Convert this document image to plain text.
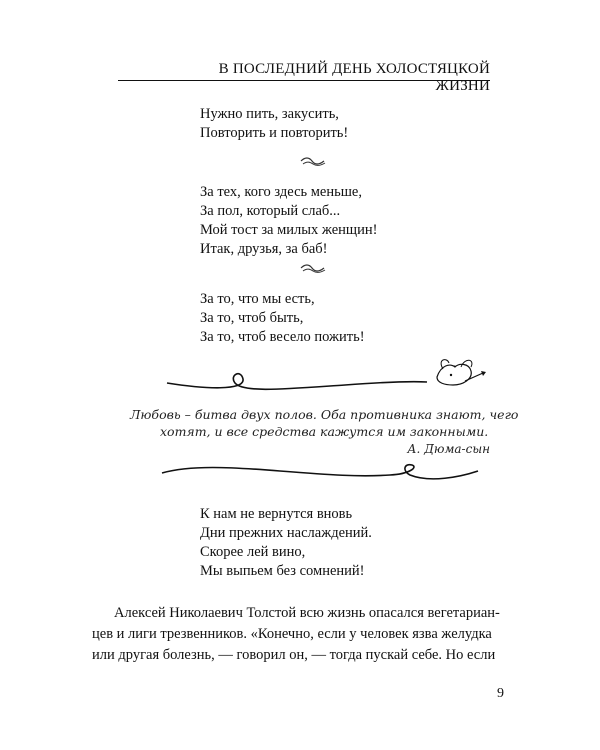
В ПОСЛЕДНИЙ ДЕНЬ ХОЛОСТЯЦКОЙ ЖИЗНИ
Нужно пить, закусить,
Повторить и повторить!
За тех, кого здесь меньше,
За пол, который слаб...
Мой тост за милых женщин!
Итак, друзья, за баб!
За то, что мы есть,
За то, чтоб быть,
За то, чтоб весело пожить!
Любовь – битва двух полов. Оба противника знают, чего
хотят, и все средства кажутся им законными.
А. Дюма-сын
К нам не вернутся вновь
Дни прежних наслаждений.
Скорее лей вино,
Мы выпьем без сомнений!
Алексей Николаевич Толстой всю жизнь опасался вегетариан-
цев и лиги трезвенников. «Конечно, если у человек язва желудка
или другая болезнь, — говорил он, — тогда пускай себе. Но если
9
